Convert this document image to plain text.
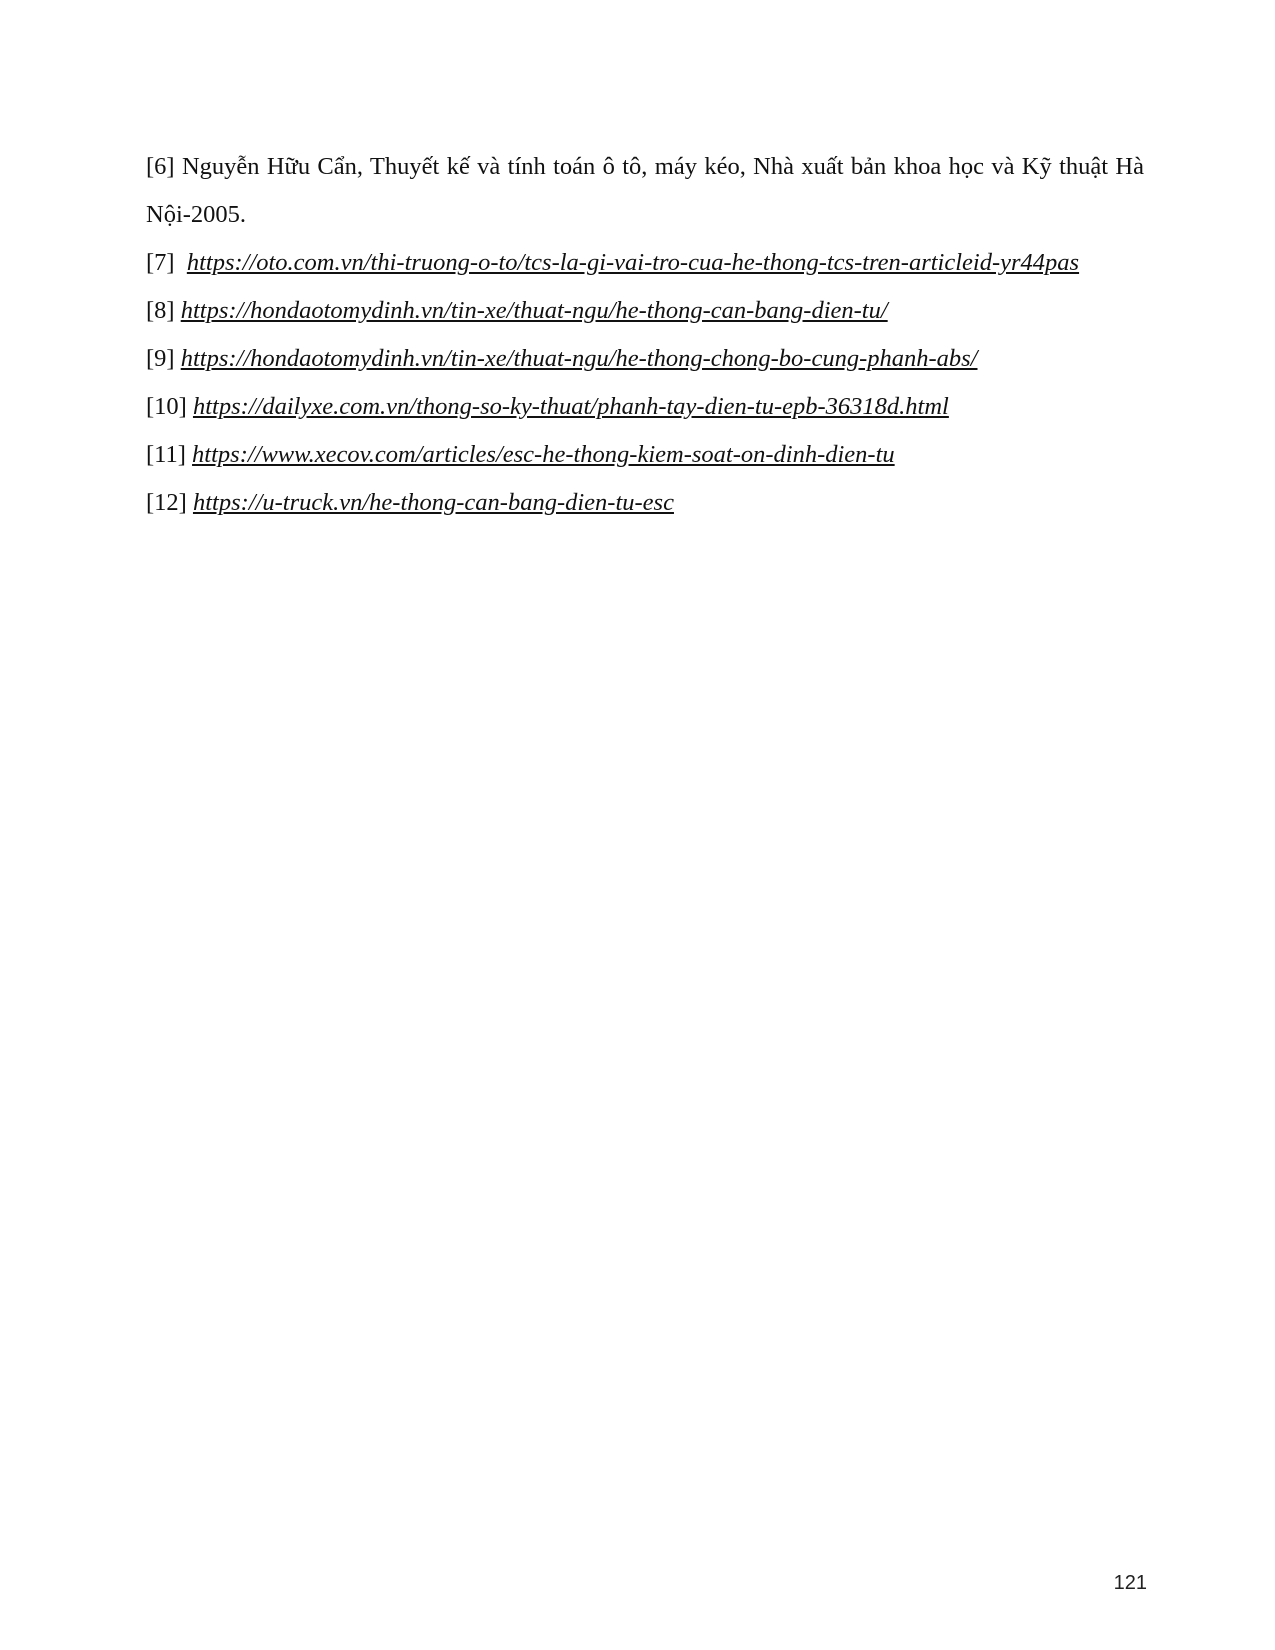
[6] Nguyễn Hữu Cẩn, Thuyết kế và tính toán ô tô, máy kéo, Nhà xuất bản khoa học và Kỹ thuật Hà Nội-2005.

[7] https://oto.com.vn/thi-truong-o-to/tcs-la-gi-vai-tro-cua-he-thong-tcs-tren-articleid-yr44pas

[8] https://hondaotomydinh.vn/tin-xe/thuat-ngu/he-thong-can-bang-dien-tu/

[9] https://hondaotomydinh.vn/tin-xe/thuat-ngu/he-thong-chong-bo-cung-phanh-abs/

[10] https://dailyxe.com.vn/thong-so-ky-thuat/phanh-tay-dien-tu-epb-36318d.html

[11] https://www.xecov.com/articles/esc-he-thong-kiem-soat-on-dinh-dien-tu

[12] https://u-truck.vn/he-thong-can-bang-dien-tu-esc

121
